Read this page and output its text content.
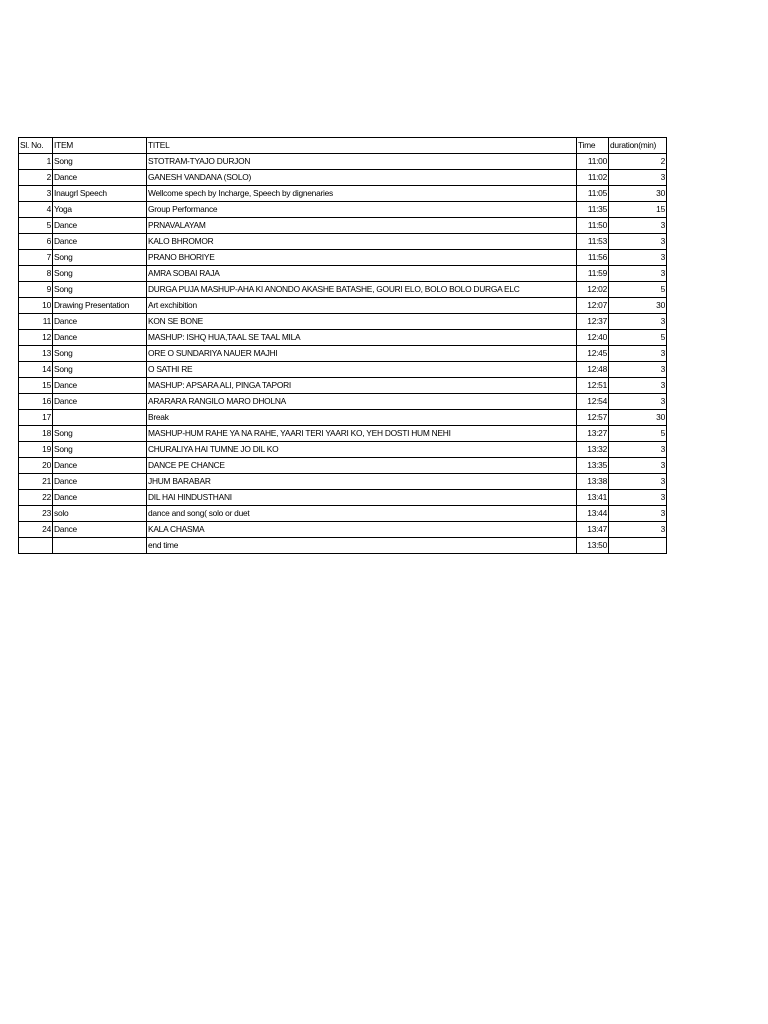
Sl. No.	ITEM	TITEL	Time	duration(min)
1	Song	STOTRAM-TYAJO DURJON	11:00	2
2	Dance	GANESH VANDANA (SOLO)	11:02	3
3	Inaugrl Speech	Wellcome spech by Incharge, Speech by dignenaries	11:05	30
4	Yoga	Group Performance	11:35	15
5	Dance	PRNAVALAYAM	11:50	3
6	Dance	KALO BHROMOR	11:53	3
7	Song	PRANO BHORIYE	11:56	3
8	Song	AMRA SOBAI RAJA	11:59	3
9	Song	DURGA PUJA MASHUP-AHA KI ANONDO AKASHE BATASHE, GOURI ELO, BOLO BOLO DURGA ELC	12:02	5
10	Drawing Presentation	Art exchibition	12:07	30
11	Dance	KON SE BONE	12:37	3
12	Dance	MASHUP: ISHQ HUA,TAAL SE TAAL MILA	12:40	5
13	Song	ORE O SUNDARIYA NAUER MAJHI	12:45	3
14	Song	O SATHI RE	12:48	3
15	Dance	MASHUP: APSARA ALI, PINGA TAPORI	12:51	3
16	Dance	ARARARA RANGILO MARO DHOLNA	12:54	3
17		Break	12:57	30
18	Song	MASHUP-HUM RAHE YA NA RAHE, YAARI TERI YAARI KO, YEH DOSTI HUM NEHI	13:27	5
19	Song	CHURALIYA HAI TUMNE JO DIL KO	13:32	3
20	Dance	DANCE PE CHANCE	13:35	3
21	Dance	JHUM BARABAR	13:38	3
22	Dance	DIL HAI HINDUSTHANI	13:41	3
23	solo	dance and song( solo or duet	13:44	3
24	Dance	KALA CHASMA	13:47	3
		end time	13:50	
